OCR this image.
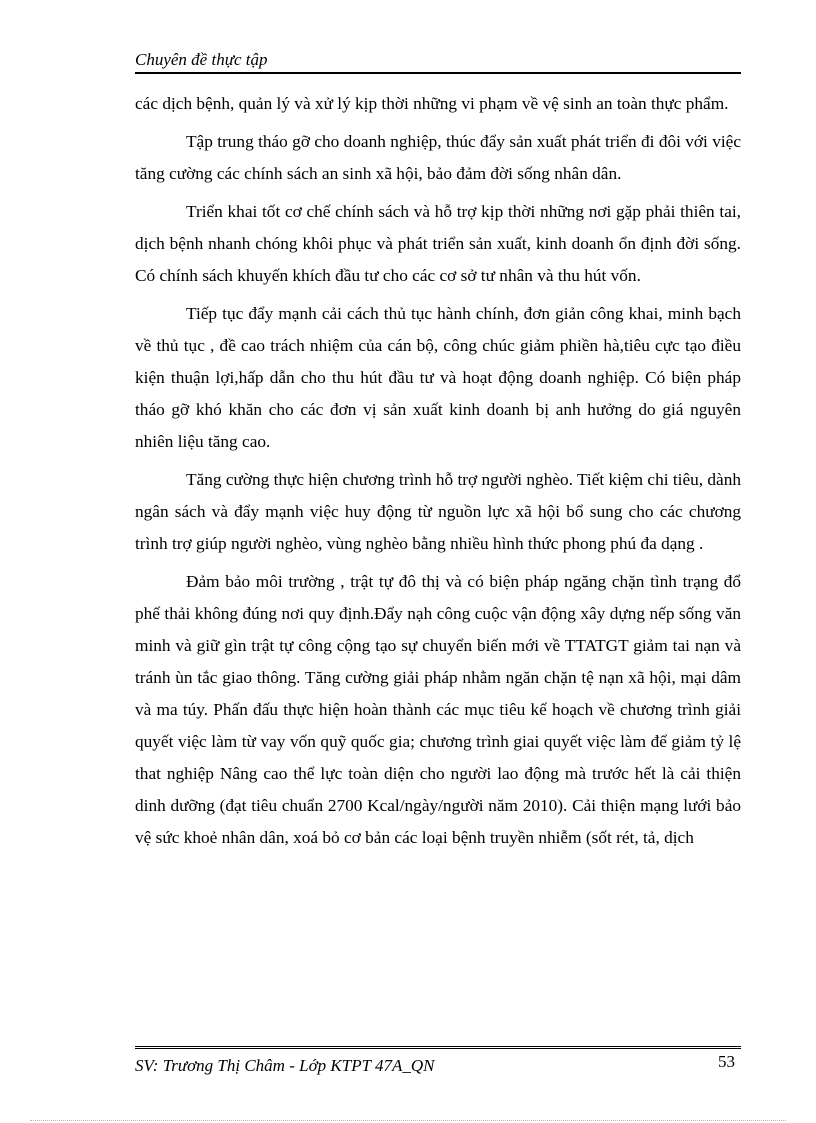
Chuyên đề thực tập

các dịch bệnh, quản lý và xử lý kịp thời những vi phạm về vệ sinh an toàn thực phẩm.

Tập trung tháo gỡ cho doanh nghiệp, thúc đẩy sản xuất phát triển đi đôi với việc tăng cường các chính sách an sinh xã hội, bảo đảm đời sống nhân dân.

Triển khai tốt cơ chế chính sách và hỗ trợ kịp thời những nơi gặp phải thiên tai, dịch bệnh nhanh chóng khôi phục và phát triển sản xuất, kinh doanh ổn định đời sống. Có chính sách khuyến khích đầu tư cho các cơ sở tư nhân và thu hút vốn.

Tiếp tục đẩy mạnh cải cách thủ tục hành chính, đơn giản công khai, minh bạch về thủ tục , đề cao trách nhiệm của cán bộ, công chúc giảm phiền hà,tiêu cực tạo điều kiện thuận lợi,hấp dẫn cho thu hút đầu tư và hoạt động doanh nghiệp. Có biện pháp tháo gỡ khó khăn cho các đơn vị sản xuất kinh doanh bị anh hưởng do giá nguyên nhiên liệu tăng cao.

Tăng cường thực hiện chương trình hỗ trợ người nghèo. Tiết kiệm chi tiêu, dành ngân sách và đẩy mạnh việc huy động từ nguồn lực xã hội bổ sung cho các chương trình trợ giúp người nghèo, vùng nghèo bằng nhiều hình thức phong phú đa dạng .

Đảm bảo môi trường , trật tự đô thị và có biện pháp ngăng chặn tình trạng đổ phế thải không đúng nơi quy định.Đẩy nạh công cuộc vận động xây dựng nếp sống văn minh và giữ gìn trật tự công cộng tạo sự chuyển biến mới về TTATGT giảm tai nạn và tránh ùn tắc giao thông. Tăng cường giải pháp nhằm ngăn chặn tệ nạn xã hội, mại dâm và ma túy. Phấn đấu thực hiện hoàn thành các mục tiêu kế hoạch về chương trình giải quyết việc làm từ vay vốn quỹ quốc gia; chương trình giai quyết việc làm để giảm tỷ lệ that nghiệp Nâng cao thể lực toàn diện cho người lao động mà trước hết là cải thiện dinh dưỡng (đạt tiêu chuẩn 2700 Kcal/ngày/người năm 2010). Cải thiện mạng lưới bảo vệ sức khoẻ nhân dân, xoá bỏ cơ bản các loại bệnh truyền nhiễm (sốt rét, tả, dịch

SV: Trương Thị Châm - Lớp KTPT 47A_QN	53
